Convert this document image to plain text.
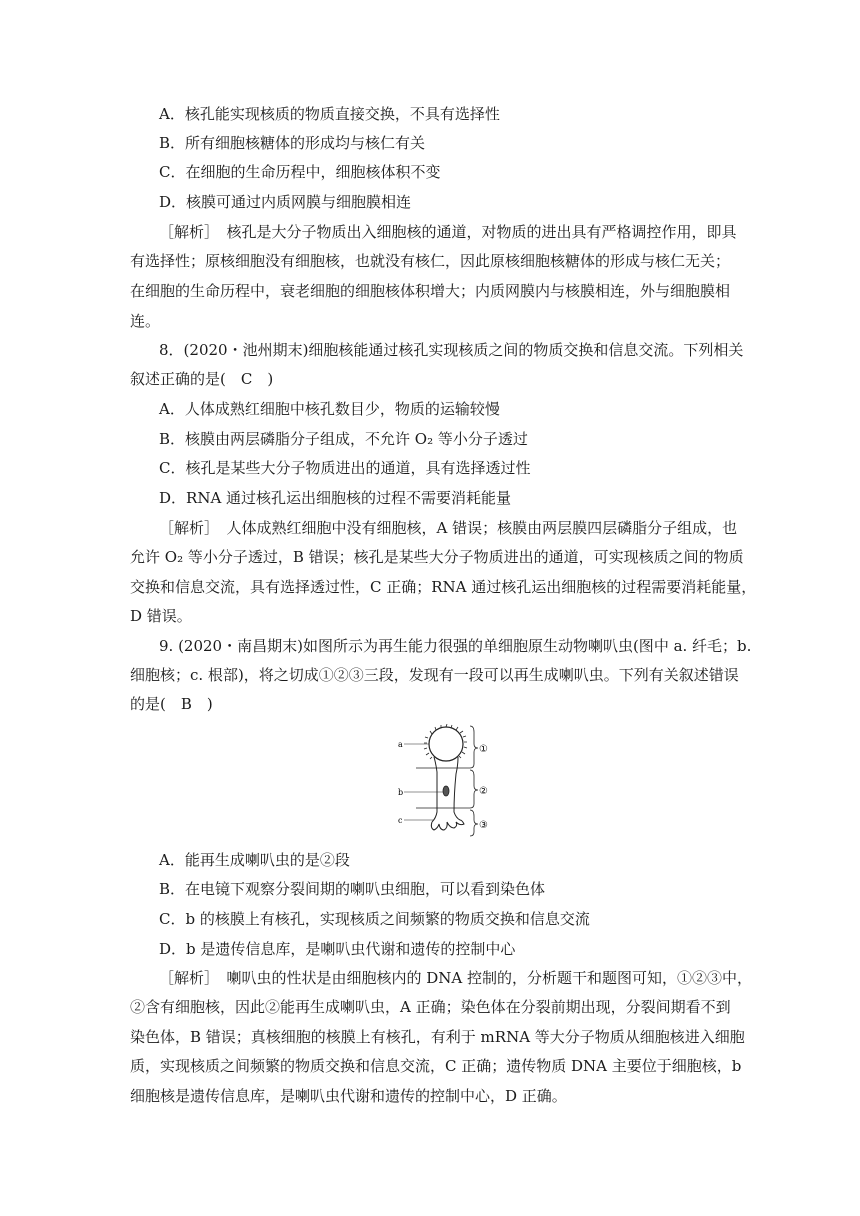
A．核孔能实现核质的物质直接交换，不具有选择性
B．所有细胞核糖体的形成均与核仁有关
C．在细胞的生命历程中，细胞核体积不变
D．核膜可通过内质网膜与细胞膜相连
［解析］　核孔是大分子物质出入细胞核的通道，对物质的进出具有严格调控作用，即具
有选择性；原核细胞没有细胞核，也就没有核仁，因此原核细胞核糖体的形成与核仁无关；
在细胞的生命历程中，衰老细胞的细胞核体积增大；内质网膜内与核膜相连，外与细胞膜相
连。
8．(2020・池州期末)细胞核能通过核孔实现核质之间的物质交换和信息交流。下列相关
叙述正确的是(　C　)
A．人体成熟红细胞中核孔数目少，物质的运输较慢
B．核膜由两层磷脂分子组成，不允许 O₂ 等小分子透过
C．核孔是某些大分子物质进出的通道，具有选择透过性
D．RNA 通过核孔运出细胞核的过程不需要消耗能量
［解析］　人体成熟红细胞中没有细胞核，A 错误；核膜由两层膜四层磷脂分子组成，也
允许 O₂ 等小分子透过，B 错误；核孔是某些大分子物质进出的通道，可实现核质之间的物质
交换和信息交流，具有选择透过性，C 正确；RNA 通过核孔运出细胞核的过程需要消耗能量，
D 错误。
9. (2020・南昌期末)如图所示为再生能力很强的单细胞原生动物喇叭虫(图中 a. 纤毛；b.
细胞核；c. 根部)，将之切成①②③三段，发现有一段可以再生成喇叭虫。下列有关叙述错误
的是(　B　)
a
b
c
①
②
③
A．能再生成喇叭虫的是②段
B．在电镜下观察分裂间期的喇叭虫细胞，可以看到染色体
C．b 的核膜上有核孔，实现核质之间频繁的物质交换和信息交流
D．b 是遗传信息库，是喇叭虫代谢和遗传的控制中心
［解析］　喇叭虫的性状是由细胞核内的 DNA 控制的，分析题干和题图可知，①②③中，
②含有细胞核，因此②能再生成喇叭虫，A 正确；染色体在分裂前期出现，分裂间期看不到
染色体，B 错误；真核细胞的核膜上有核孔，有利于 mRNA 等大分子物质从细胞核进入细胞
质，实现核质之间频繁的物质交换和信息交流，C 正确；遗传物质 DNA 主要位于细胞核，b
细胞核是遗传信息库，是喇叭虫代谢和遗传的控制中心，D 正确。
